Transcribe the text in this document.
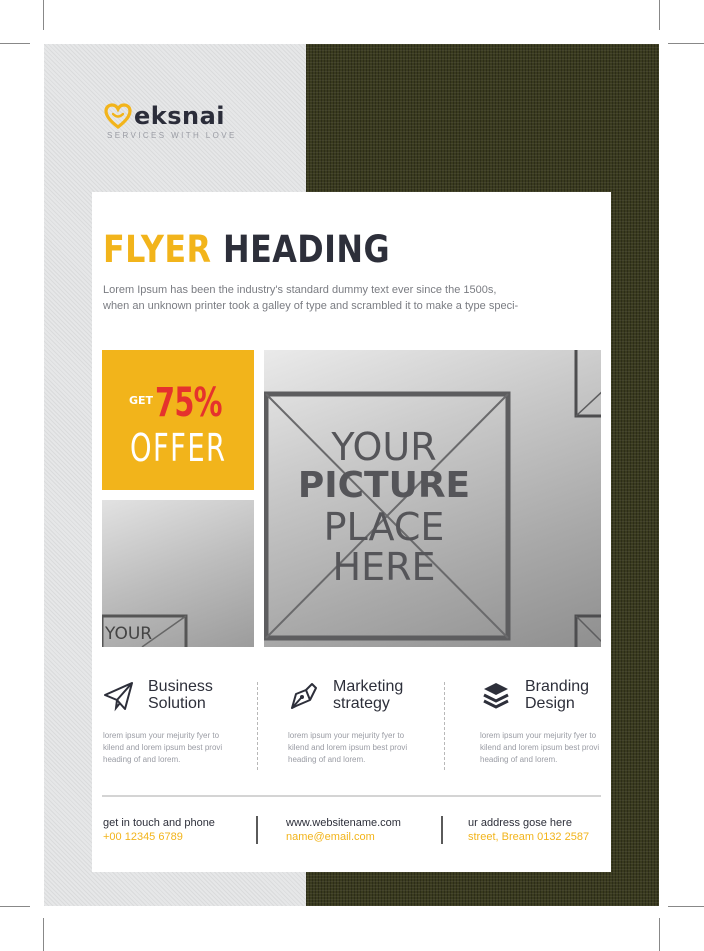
eksnai
SERVICES WITH LOVE
FLYER HEADING
Lorem Ipsum has been the industry's standard dummy text ever since the 1500s,
when an unknown printer took a galley of type and scrambled it to make a type speci-
$^{GET}$75%
OFFER	YOUR
PICTURE
PLACE
HERE
YOUR
Business
Solution
lorem ipsum your mejurity fyer to
kilend and lorem ipsum best provi
heading of and lorem.
Marketing
strategy
lorem ipsum your mejurity fyer to
kilend and lorem ipsum best provi
heading of and lorem.
Branding
Design
lorem ipsum your mejurity fyer to
kilend and lorem ipsum best provi
heading of and lorem.
get in touch and phone
+00 12345 6789
www.websitename.com
name@email.com
ur address gose here
street, Bream 0132 2587
